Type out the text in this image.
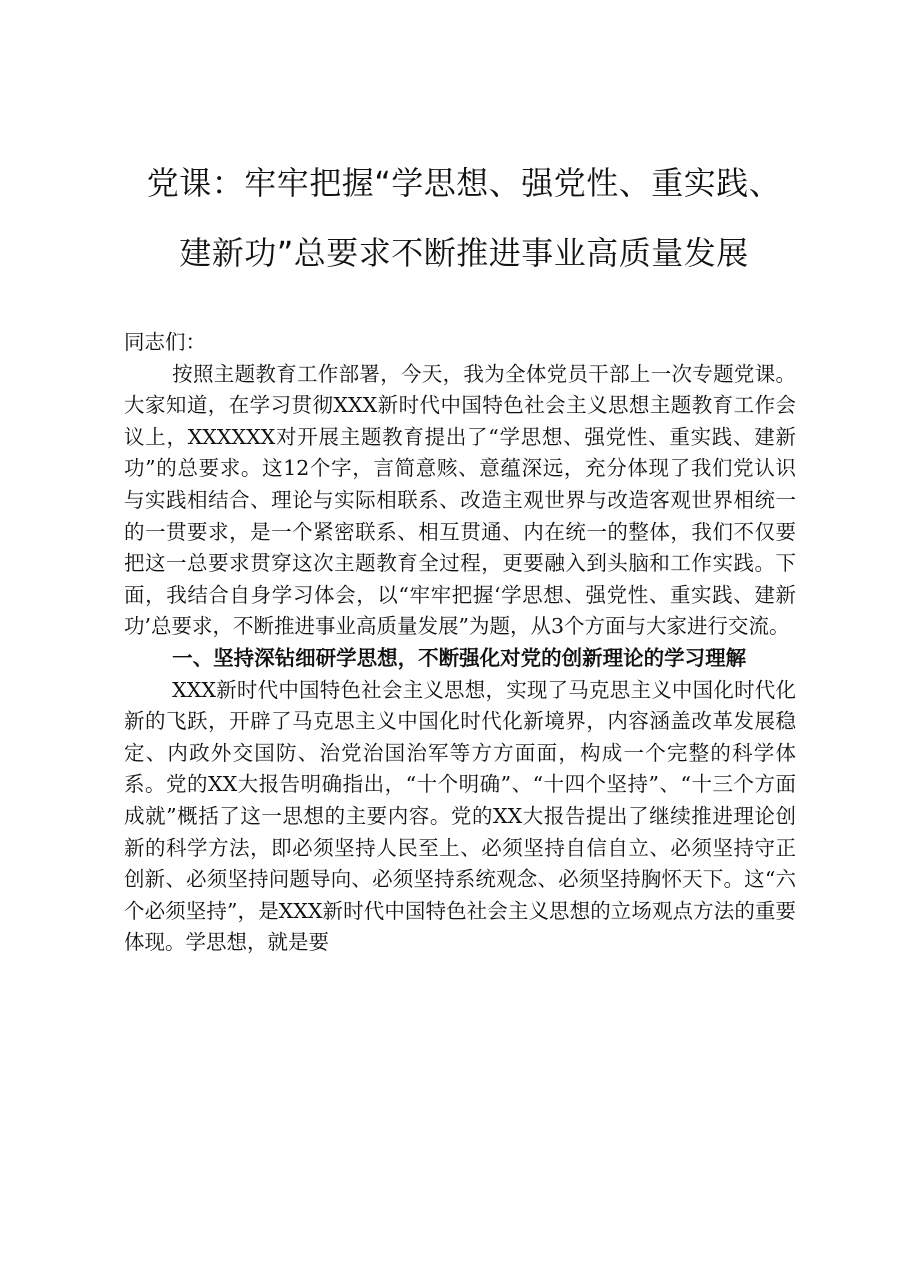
党课：牢牢把握“学思想、强党性、重实践、
建新功”总要求不断推进事业高质量发展

同志们：

按照主题教育工作部署，今天，我为全体党员干部上一次专题党课。大家知道，在学习贯彻XXX新时代中国特色社会主义思想主题教育工作会议上，XXXXXX对开展主题教育提出了“学思想、强党性、重实践、建新功”的总要求。这12个字，言简意赅、意蕴深远，充分体现了我们党认识与实践相结合、理论与实际相联系、改造主观世界与改造客观世界相统一的一贯要求，是一个紧密联系、相互贯通、内在统一的整体，我们不仅要把这一总要求贯穿这次主题教育全过程，更要融入到头脑和工作实践。下面，我结合自身学习体会，以“牢牢把握‘学思想、强党性、重实践、建新功’总要求，不断推进事业高质量发展”为题，从3个方面与大家进行交流。

一、坚持深钻细研学思想，不断强化对党的创新理论的学习理解

XXX新时代中国特色社会主义思想，实现了马克思主义中国化时代化新的飞跃，开辟了马克思主义中国化时代化新境界，内容涵盖改革发展稳定、内政外交国防、治党治国治军等方方面面，构成一个完整的科学体系。党的XX大报告明确指出，“十个明确”、“十四个坚持”、“十三个方面成就”概括了这一思想的主要内容。党的XX大报告提出了继续推进理论创新的科学方法，即必须坚持人民至上、必须坚持自信自立、必须坚持守正创新、必须坚持问题导向、必须坚持系统观念、必须坚持胸怀天下。这“六个必须坚持”，是XXX新时代中国特色社会主义思想的立场观点方法的重要体现。学思想，就是要
